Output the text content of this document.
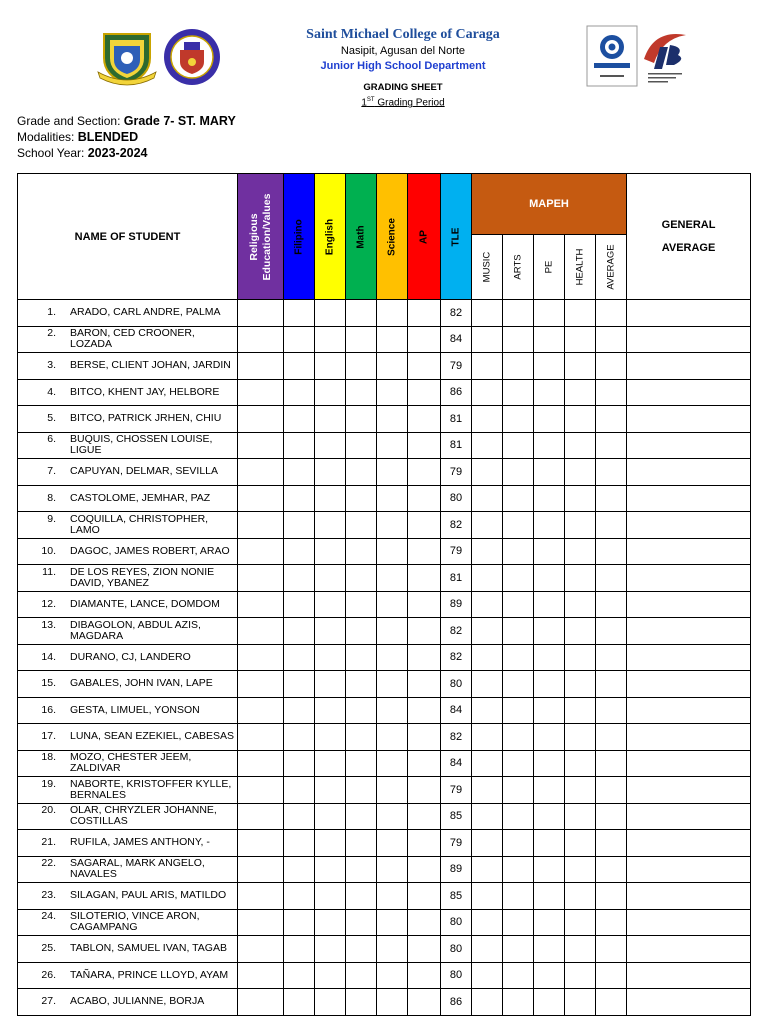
Saint Michael College of Caraga
Nasipit, Agusan del Norte
Junior High School Department
GRADING SHEET
1ST Grading Period
Grade and Section: Grade 7- ST. MARY
Modalities: BLENDED
School Year: 2023-2024
NAME OF STUDENT	Religious Education/Values	Filipino	English	Math	Science	AP	TLE	MAPEH					GENERAL
AVERAGE

								MUSIC	ARTS	PE	HEALTH	AVERAGE	

1. ARADO, CARL ANDRE, PALMA							82						

2. BARON, CED CROONER, LOZADA							84						

3. BERSE, CLIENT JOHAN, JARDIN							79						

4. BITCO, KHENT JAY, HELBORE							86						

5. BITCO, PATRICK JRHEN, CHIU							81						

6. BUQUIS, CHOSSEN LOUISE, LIGUE							81						

7. CAPUYAN, DELMAR, SEVILLA							79						

8. CASTOLOME, JEMHAR, PAZ							80						

9. COQUILLA, CHRISTOPHER, LAMO							82						

10. DAGOC, JAMES ROBERT, ARAO							79						

11. DE LOS REYES, ZION NONIE DAVID, YBANEZ							81						

12. DIAMANTE, LANCE, DOMDOM							89						

13. DIBAGOLON, ABDUL AZIS, MAGDARA							82						

14. DURANO, CJ, LANDERO							82						

15. GABALES, JOHN IVAN, LAPE							80						

16. GESTA, LIMUEL, YONSON							84						

17. LUNA, SEAN EZEKIEL, CABESAS							82						

18. MOZO, CHESTER JEEM, ZALDIVAR							84						

19. NABORTE, KRISTOFFER KYLLE, BERNALES							79						

20. OLAR, CHRYZLER JOHANNE, COSTILLAS							85						

21. RUFILA, JAMES ANTHONY, -							79						

22. SAGARAL, MARK ANGELO, NAVALES							89						

23. SILAGAN, PAUL ARIS, MATILDO							85						

24. SILOTERIO, VINCE ARON, CAGAMPANG							80						

25. TABLON, SAMUEL IVAN, TAGAB							80						

26. TAÑARA, PRINCE LLOYD, AYAM							80						

27. ACABO, JULIANNE, BORJA							86						
